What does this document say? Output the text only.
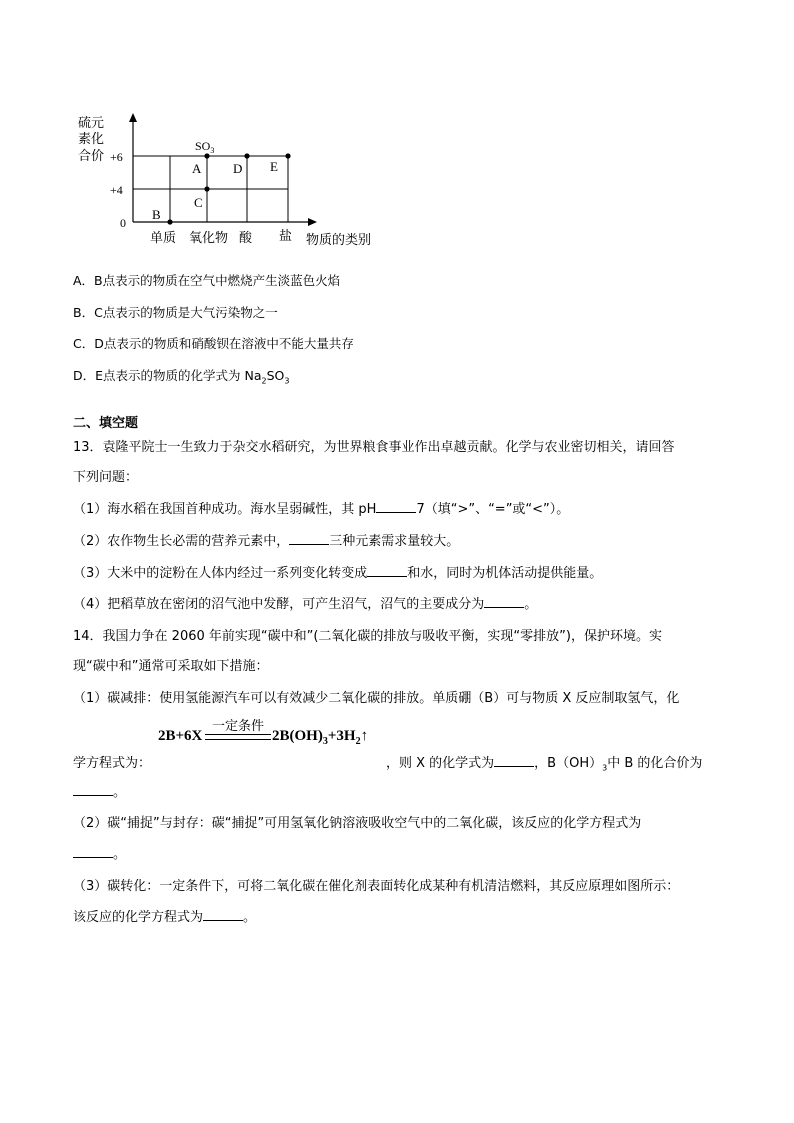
硫元
素化
合价 +6
+4
0
单质 氧化物 酸 盐 物质的类别
$SO_3$
A D E
C
B
A．B点表示的物质在空气中燃烧产生淡蓝色火焰
B．C点表示的物质是大气污染物之一
C．D点表示的物质和硝酸钡在溶液中不能大量共存
D．E点表示的物质的化学式为 $Na_2SO_3$
二、填空题
13．袁隆平院士一生致力于杂交水稻研究，为世界粮食事业作出卓越贡献。化学与农业密切相关，请回答
下列问题：
（1）海水稻在我国首种成功。海水呈弱碱性，其 pH	7（填“>”、“=”或“<”）。
（2）农作物生长必需的营养元素中，	三种元素需求量较大。
（3）大米中的淀粉在人体内经过一系列变化转变成	和水，同时为机体活动提供能量。
（4）把稻草放在密闭的沼气池中发酵，可产生沼气，沼气的主要成分为	。
14．我国力争在 2060 年前实现“碳中和”(二氧化碳的排放与吸收平衡，实现“零排放”)，保护环境。实
现“碳中和”通常可采取如下措施：
（1）碳减排：使用氢能源汽车可以有效减少二氧化碳的排放。单质硼（B）可与物质 X 反应制取氢气，化
2B+6X
一定条件
$2B(OH)_3+3H_2↑$
学方程式为：	，则 X 的化学式为	，$B(OH)_3$中 B 的化合价为
。
（2）碳“捕捉”与封存：碳“捕捉”可用氢氧化钠溶液吸收空气中的二氧化碳，该反应的化学方程式为
。
（3）碳转化：一定条件下，可将二氧化碳在催化剂表面转化成某种有机清洁燃料，其反应原理如图所示：
该反应的化学方程式为	。
